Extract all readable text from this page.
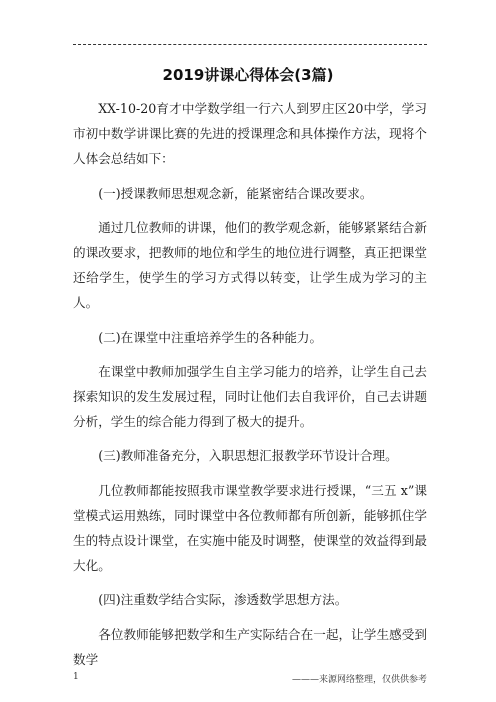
2019讲课心得体会(3篇)

XX-10-20育才中学数学组一行六人到罗庄区20中学，学习市初中数学讲课比赛的先进的授课理念和具体操作方法，现将个人体会总结如下：

(一)授课教师思想观念新，能紧密结合课改要求。

通过几位教师的讲课，他们的教学观念新，能够紧紧结合新的课改要求，把教师的地位和学生的地位进行调整，真正把课堂还给学生，使学生的学习方式得以转变，让学生成为学习的主人。

(二)在课堂中注重培养学生的各种能力。

在课堂中教师加强学生自主学习能力的培养，让学生自己去探索知识的发生发展过程，同时让他们去自我评价，自己去讲题分析，学生的综合能力得到了极大的提升。

(三)教师准备充分，入职思想汇报教学环节设计合理。

几位教师都能按照我市课堂教学要求进行授课，“三五 x”课堂模式运用熟练，同时课堂中各位教师都有所创新，能够抓住学生的特点设计课堂，在实施中能及时调整，使课堂的效益得到最大化。

(四)注重数学结合实际，渗透数学思想方法。

各位教师能够把数学和生产实际结合在一起，让学生感受到数学

1	———来源网络整理，仅供供参考
